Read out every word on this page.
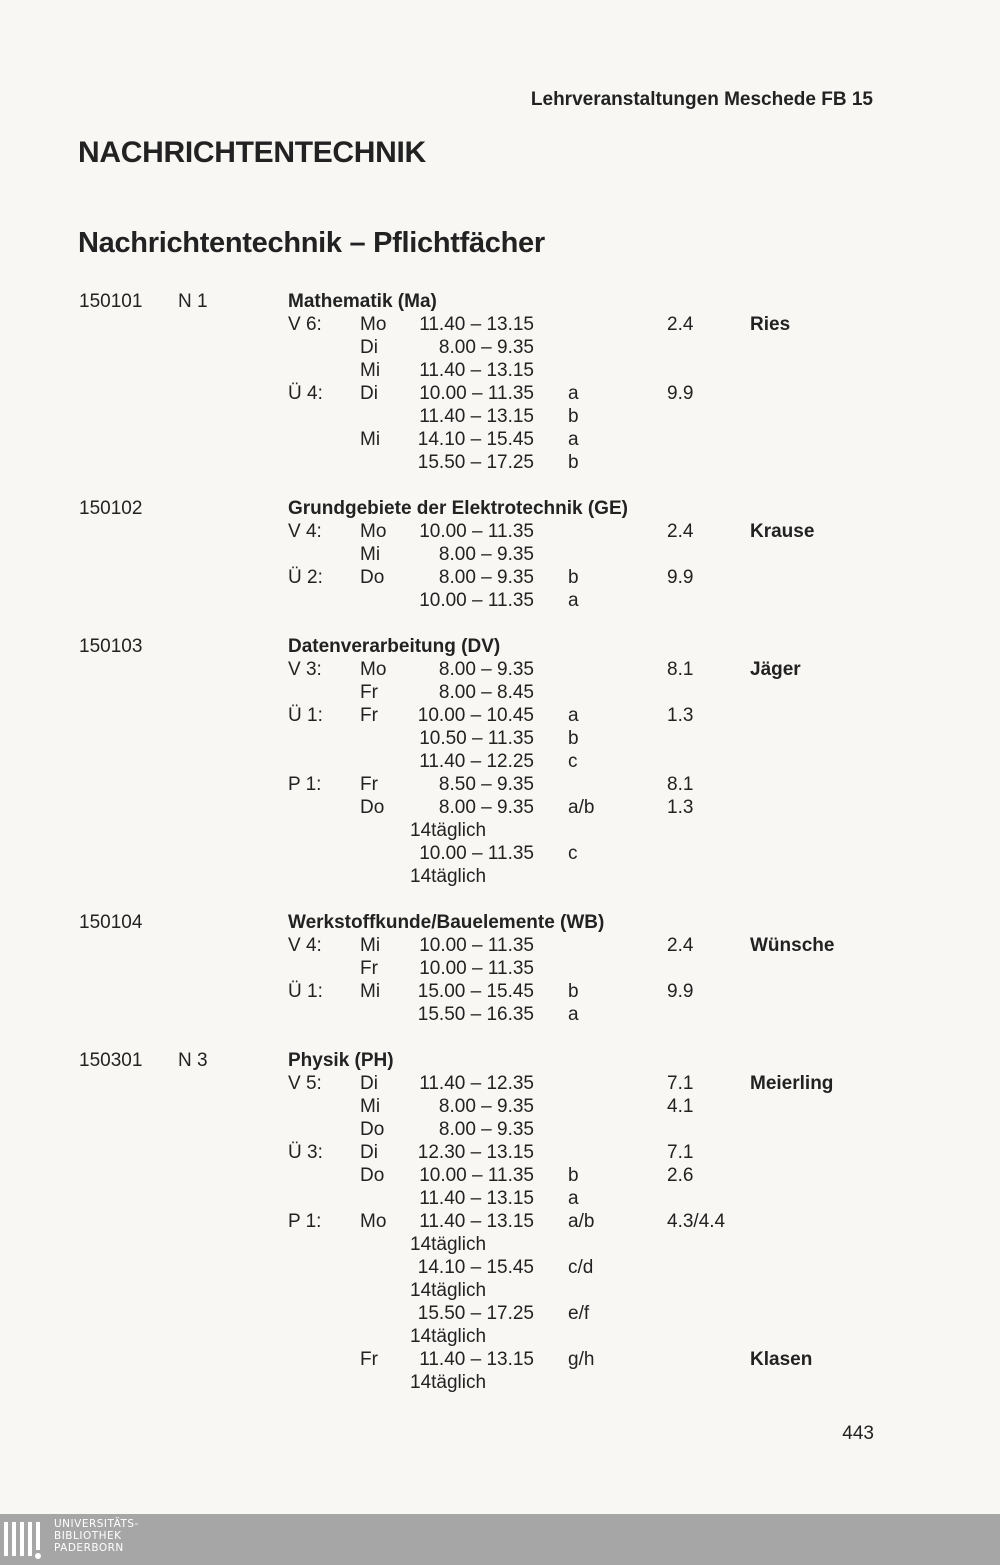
Lehrveranstaltungen Meschede FB 15
NACHRICHTENTECHNIK
Nachrichtentechnik – Pflichtfächer
150101 N 1	Mathematik (Ma)
V 6: Mo	11.40 – 13.15	2.4	Ries
Di	8.00 – 9.35
Mi	11.40 – 13.15
Ü 4: Di	10.00 – 11.35 a	9.9
11.40 – 13.15 b
Mi	14.10 – 15.45 a
15.50 – 17.25 b
150102	Grundgebiete der Elektrotechnik (GE)
V 4: Mo	10.00 – 11.35	2.4	Krause
Mi	8.00 – 9.35
Ü 2: Do	8.00 – 9.35 b	9.9
10.00 – 11.35 a
150103	Datenverarbeitung (DV)
V 3: Mo	8.00 – 9.35	8.1	Jäger
Fr	8.00 – 8.45
Ü 1: Fr	10.00 – 10.45 a	1.3
10.50 – 11.35 b
11.40 – 12.25 c
P 1: Fr	8.50 – 9.35	8.1
Do	8.00 – 9.35 a/b	1.3
14täglich
10.00 – 11.35 c
14täglich
150104	Werkstoffkunde/Bauelemente (WB)
V 4: Mi	10.00 – 11.35	2.4	Wünsche
Fr	10.00 – 11.35
Ü 1: Mi	15.00 – 15.45 b	9.9
15.50 – 16.35 a
150301 N 3	Physik (PH)
V 5: Di	11.40 – 12.35	7.1	Meierling
Mi	8.00 – 9.35	4.1
Do	8.00 – 9.35
Ü 3: Di	12.30 – 13.15	7.1
Do	10.00 – 11.35 b	2.6
11.40 – 13.15 a
P 1: Mo	11.40 – 13.15 a/b	4.3/4.4
14täglich
14.10 – 15.45 c/d
14täglich
15.50 – 17.25 e/f
14täglich
Fr	11.40 – 13.15 g/h	Klasen
14täglich
443
UNIVERSITÄTS-
BIBLIOTHEK
PADERBORN
